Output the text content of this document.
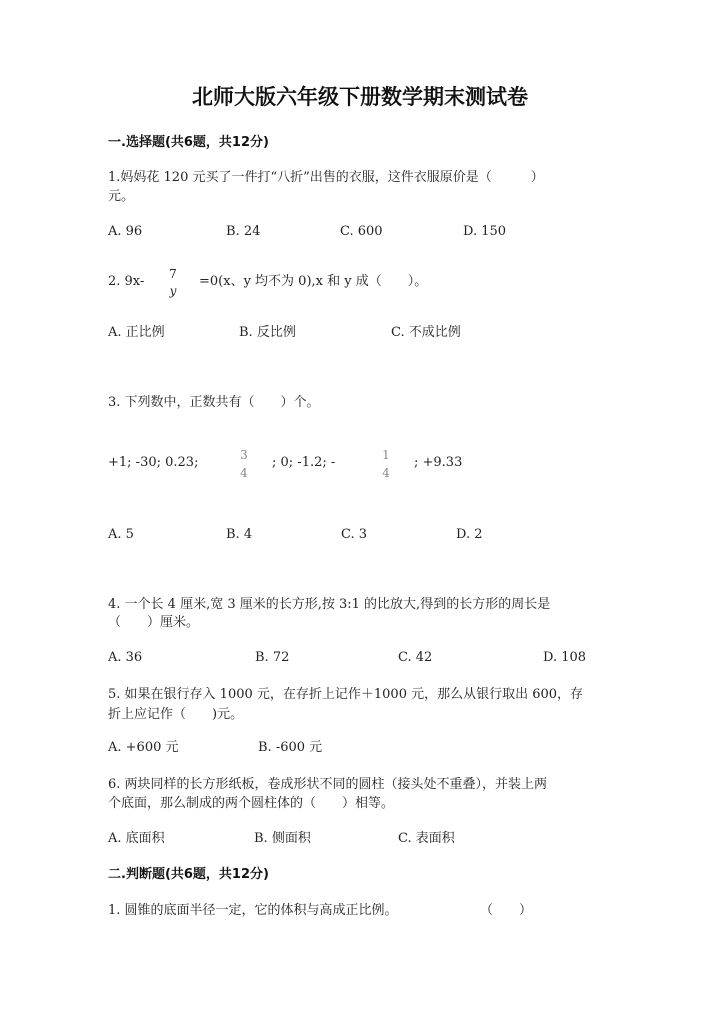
北师大版六年级下册数学期末测试卷
一.选择题(共6题，共12分)
1.妈妈花 120 元买了一件打“八折”出售的衣服，这件衣服原价是（　　　）
元。
A. 96	B. 24	C. 600	D. 150
2. 9x- 7
y
=0(x、y 均不为 0),x 和 y 成（　　）。
A. 正比例	B. 反比例	C. 不成比例
3. 下列数中，正数共有（　　）个。
+1; -30; 0.23;	3
4
; 0; -1.2; -	1
4
; +9.33
A. 5	B. 4	C. 3	D. 2
4. 一个长 4 厘米,宽 3 厘米的长方形,按 3:1 的比放大,得到的长方形的周长是
（　　）厘米。
A. 36	B. 72	C. 42	D. 108
5. 如果在银行存入 1000 元，在存折上记作＋1000 元，那么从银行取出 600，存
折上应记作（　　)元。
A. +600 元	B. -600 元
6. 两块同样的长方形纸板，卷成形状不同的圆柱（接头处不重叠），并装上两
个底面，那么制成的两个圆柱体的（　　）相等。
A. 底面积	B. 侧面积	C. 表面积
二.判断题(共6题，共12分)
1. 圆锥的底面半径一定，它的体积与高成正比例。	（　　）
